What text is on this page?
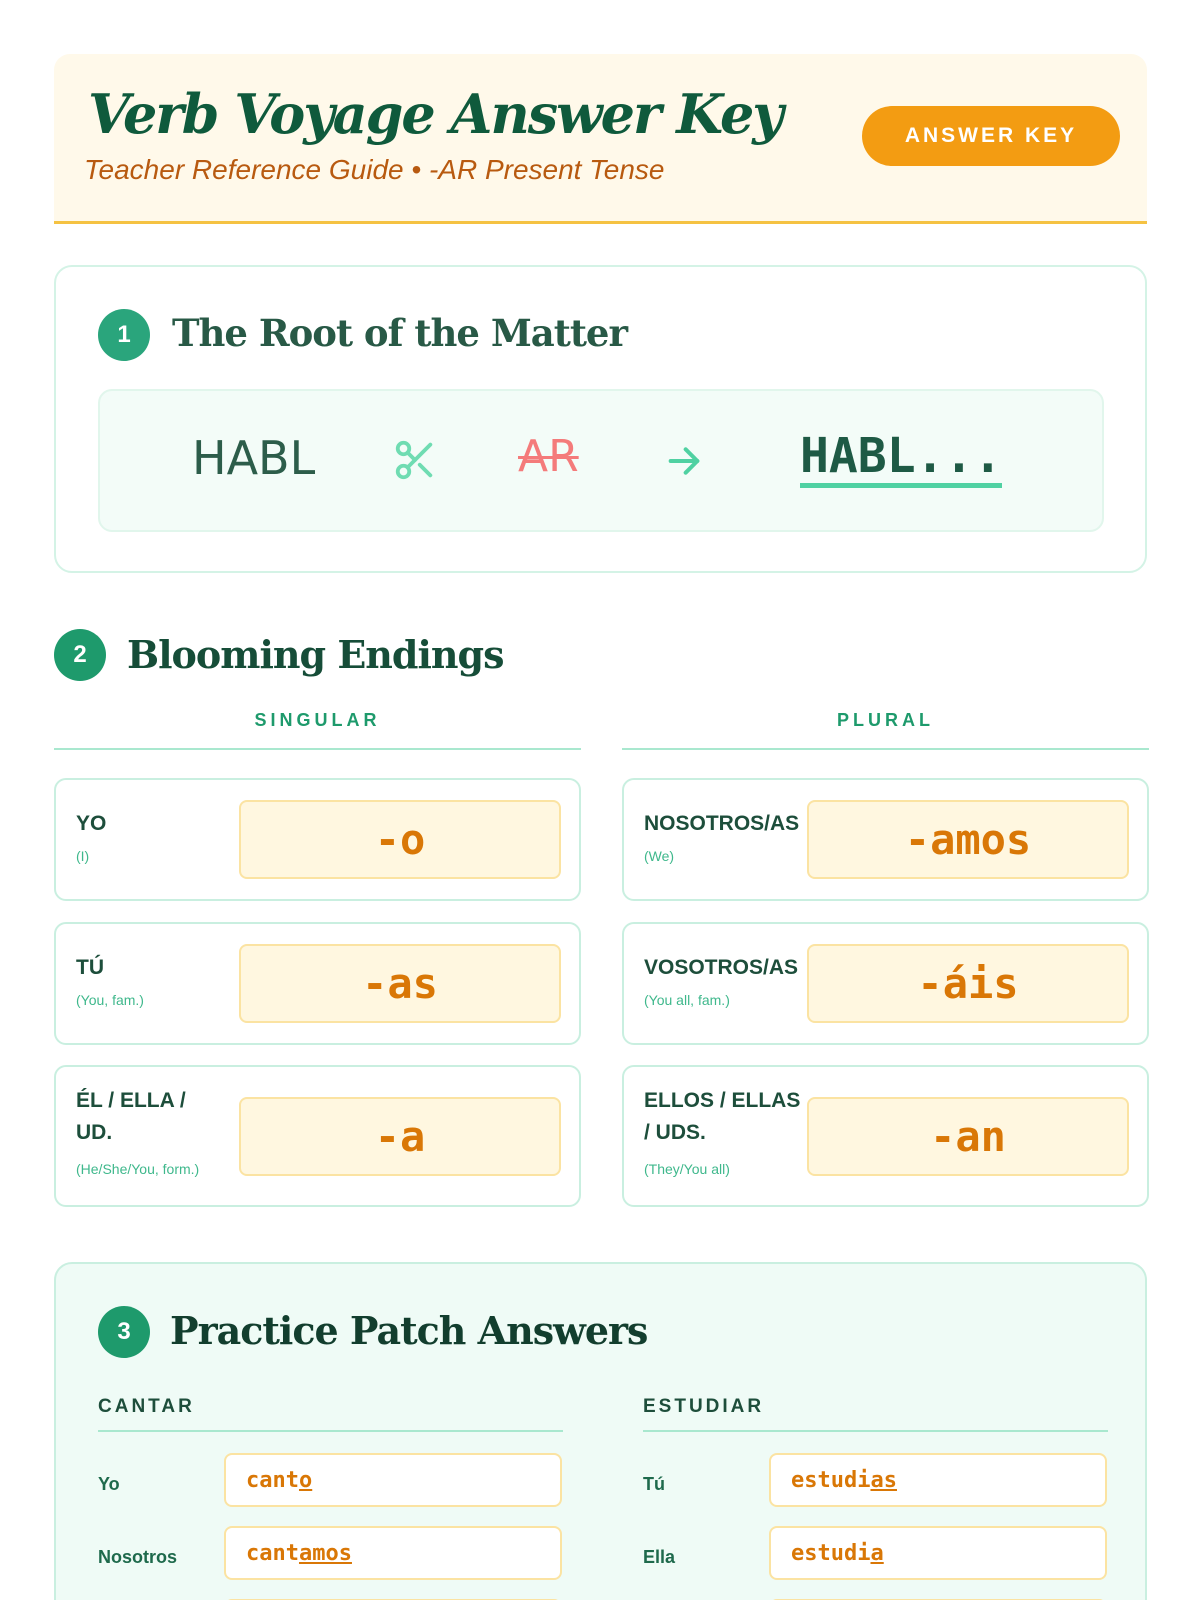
Verb Voyage Answer Key
Teacher Reference Guide • -AR Present Tense
ANSWER KEY
1	The Root of the Matter
HABL	AR	HABL...
2	Blooming Endings
SINGULAR	PLURAL
YO
(I)	-o
TÚ
(You, fam.)	-as
ÉL / ELLA / UD.
(He/She/You, form.)
-a
NOSOTROS/AS
(We)	-amos
VOSOTROS/AS
(You all, fam.)	-áis
ELLOS / ELLAS / UDS.
(They/You all)
-an
3	Practice Patch Answers
CANTAR	ESTUDIAR
Yo	cant o
Nosotros	cant amos
Tú	estudi as
Ella	estudi a
